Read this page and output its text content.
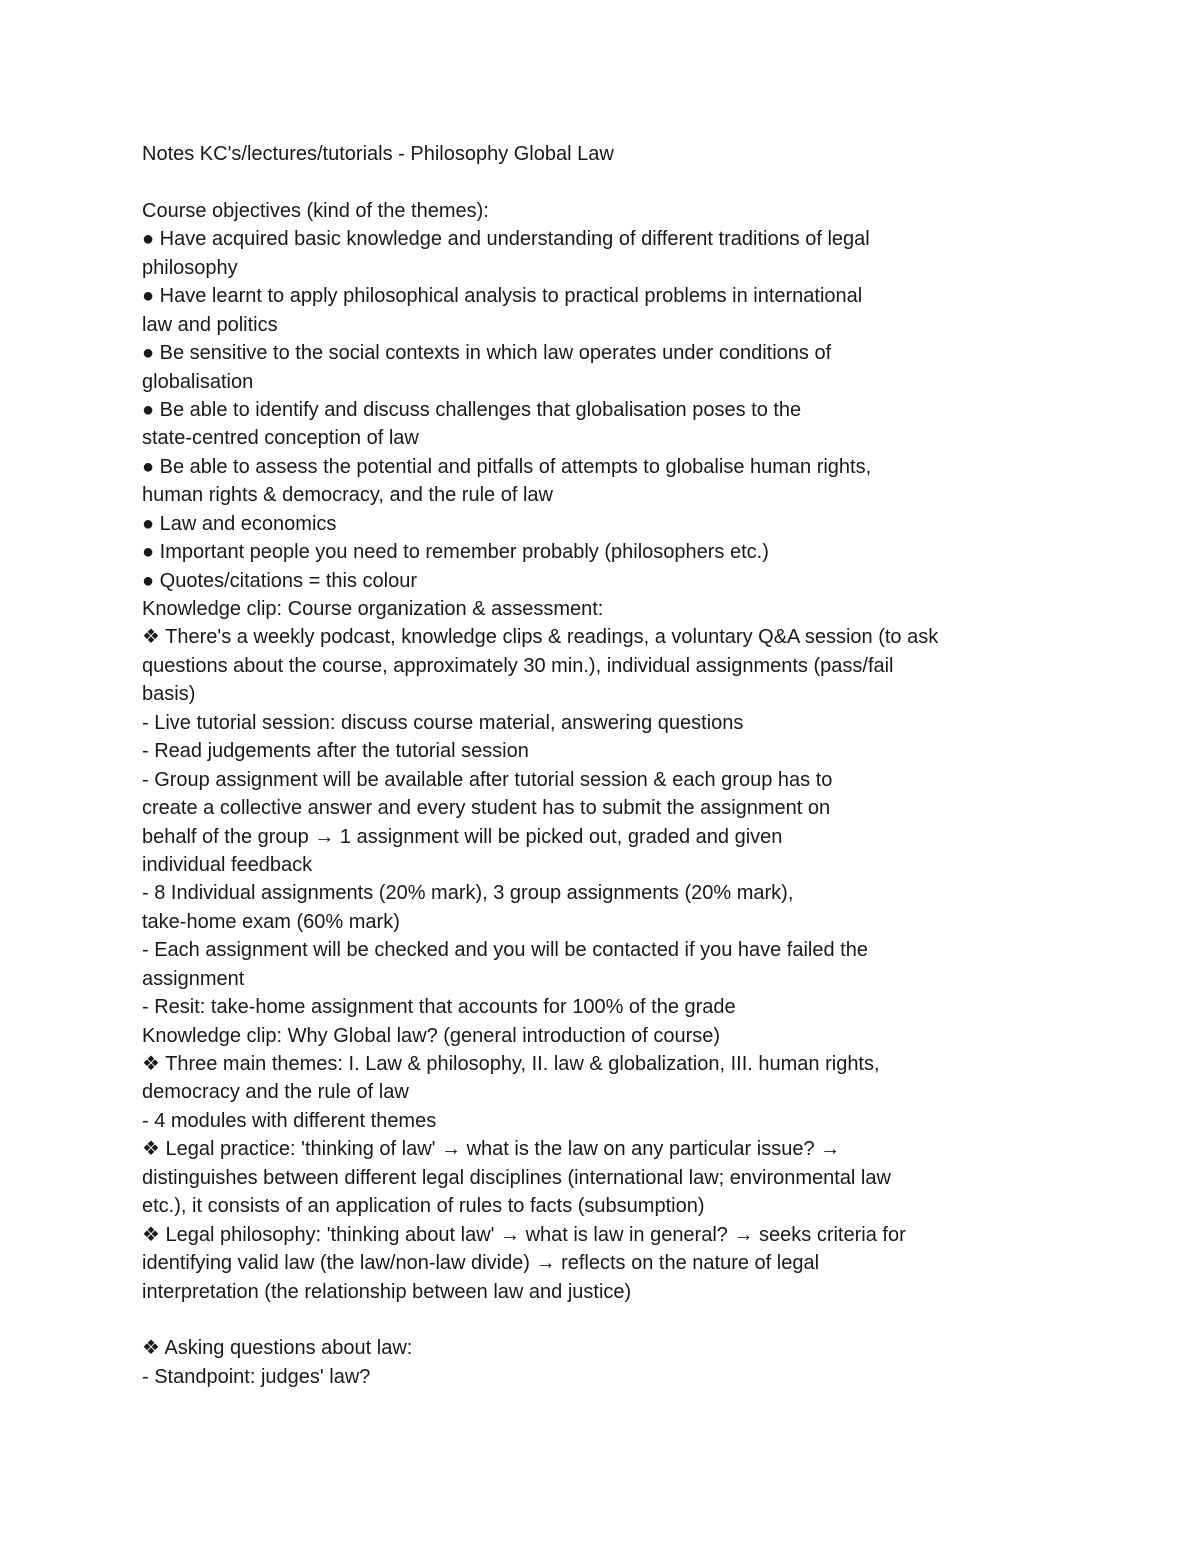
Notes KC's/lectures/tutorials - Philosophy Global Law
Course objectives (kind of the themes):
● Have acquired basic knowledge and understanding of different traditions of legal
philosophy
● Have learnt to apply philosophical analysis to practical problems in international
law and politics
● Be sensitive to the social contexts in which law operates under conditions of
globalisation
● Be able to identify and discuss challenges that globalisation poses to the
state-centred conception of law
● Be able to assess the potential and pitfalls of attempts to globalise human rights,
human rights & democracy, and the rule of law
● Law and economics
● Important people you need to remember probably (philosophers etc.)
● Quotes/citations = this colour
Knowledge clip: Course organization & assessment:
❖ There's a weekly podcast, knowledge clips & readings, a voluntary Q&A session (to ask
questions about the course, approximately 30 min.), individual assignments (pass/fail
basis)
- Live tutorial session: discuss course material, answering questions
- Read judgements after the tutorial session
- Group assignment will be available after tutorial session & each group has to
create a collective answer and every student has to submit the assignment on
behalf of the group → 1 assignment will be picked out, graded and given
individual feedback
- 8 Individual assignments (20% mark), 3 group assignments (20% mark),
take-home exam (60% mark)
- Each assignment will be checked and you will be contacted if you have failed the
assignment
- Resit: take-home assignment that accounts for 100% of the grade
Knowledge clip: Why Global law? (general introduction of course)
❖ Three main themes: I. Law & philosophy, II. law & globalization, III. human rights,
democracy and the rule of law
- 4 modules with different themes
❖ Legal practice: 'thinking of law' → what is the law on any particular issue? →
distinguishes between different legal disciplines (international law; environmental law
etc.), it consists of an application of rules to facts (subsumption)
❖ Legal philosophy: 'thinking about law' → what is law in general? → seeks criteria for
identifying valid law (the law/non-law divide) → reflects on the nature of legal
interpretation (the relationship between law and justice)
❖ Asking questions about law:
- Standpoint: judges' law?
